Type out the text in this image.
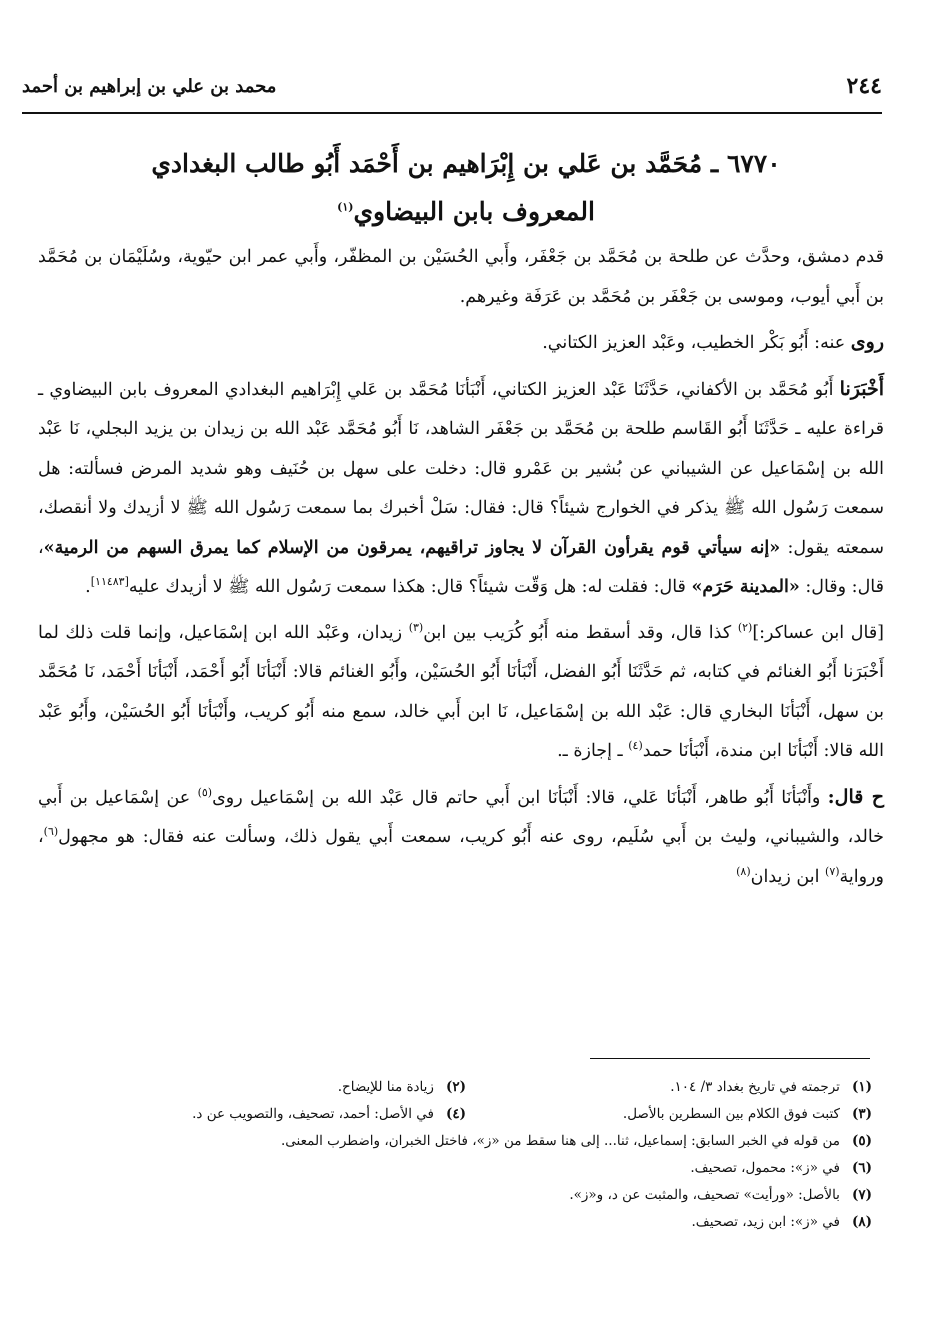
٢٤٤
محمد بن علي بن إبراهيم بن أحمد
٦٧٧٠ ـ مُحَمَّد بن عَلي بن إِبْرَاهيم بن أَحْمَد أَبُو طالب البغدادي
المعروف بابن البيضاوي$^{(١)}$

قدم دمشق، وحدَّث عن طلحة بن مُحَمَّد بن جَعْفَر، وأَبي الحُسَيْن بن المظفّر، وأَبي عمر ابن حيّوية، وسُلَيْمَان بن مُحَمَّد بن أَبي أيوب، وموسى بن جَعْفَر بن مُحَمَّد بن عَرَفَة وغيرهم.

روى عنه: أَبُو بَكْر الخطيب، وعَبْد العزيز الكتاني.

أَخْبَرَنا أَبُو مُحَمَّد بن الأكفاني، حَدَّثَنَا عَبْد العزيز الكتاني، أَنْبَأنَا مُحَمَّد بن عَلي إِبْرَاهيم البغدادي المعروف بابن البيضاوي ـ قراءة عليه ـ حَدَّثَنَا أَبُو القَاسم طلحة بن مُحَمَّد بن جَعْفَر الشاهد، نَا أَبُو مُحَمَّد عَبْد الله بن زيدان بن يزيد البجلي، نَا عَبْد الله بن إسْمَاعيل عن الشيباني عن بُشير بن عَمْرو قال: دخلت على سهل بن حُنَيف وهو شديد المرض فسألته: هل سمعت رَسُول الله ﷺ يذكر في الخوارج شيئاً؟ قال: فقال: سَلْ أخبرك بما سمعت رَسُول الله ﷺ لا أزيدك ولا أنقصك، سمعته يقول: «إنه سيأتي قوم يقرأون القرآن لا يجاوز تراقيهم، يمرقون من الإسلام كما يمرق السهم من الرمية»، قال: وقال: «المدينة حَرَم» قال: فقلت له: هل وَقّت شيئاً؟ قال: هكذا سمعت رَسُول الله ﷺ لا أزيدك عليه[١١٤٨٣].

[قال ابن عساكر:]$^{(٢)}$ كذا قال، وقد أسقط منه أَبُو كُرَيب بين ابن$^{(٣)}$ زيدان، وعَبْد الله ابن إسْمَاعيل، وإنما قلت ذلك لما أَخْبَرَنا أَبُو الغنائم في كتابه، ثم حَدَّثَنَا أَبُو الفضل، أَنْبَأنَا أَبُو الحُسَيْن، وأَبُو الغنائم قالا: أَنْبَأنَا أَبُو أَحْمَد، أَنْبَأنَا أَحْمَد، نَا مُحَمَّد بن سهل، أَنْبَأنَا البخاري قال: عَبْد الله بن إسْمَاعيل، نَا ابن أَبي خالد، سمع منه أَبُو كريب، وأَنْبَأنَا أَبُو الحُسَيْن، وأَبُو عَبْد الله قالا: أَنْبَأنَا ابن مندة، أَنْبَأنَا حمد$^{(٤)}$ ـ إجازة ـ.

ح قال: وأَنْبَأنَا أَبُو طاهر، أَنْبَأنَا عَلي، قالا: أَنْبَأنَا ابن أَبي حاتم قال عَبْد الله بن إسْمَاعيل روى$^{(٥)}$ عن إسْمَاعيل بن أَبي خالد، والشيباني، وليث بن أَبي سُلَيم، روى عنه أَبُو كريب، سمعت أَبي يقول ذلك، وسألت عنه فقال: هو مجهول$^{(٦)}$، ورواية$^{(٧)}$ ابن زيدان$^{(٨)}$

(١)
ترجمته في تاريخ بغداد ٣/ ١٠٤.
(٢)
زيادة منا للإيضاح.
(٣)
كتبت فوق الكلام بين السطرين بالأصل.
(٤)
في الأصل: أحمد، تصحيف، والتصويب عن د.
(٥)
من قوله في الخبر السابق: إسماعيل، ثنا... إلى هنا سقط من «ز»، فاختل الخبران، واضطرب المعنى.
(٦)
في «ز»: محمول، تصحيف.
(٧)
بالأصل: «ورأيت» تصحيف، والمثبت عن د، و«ز».
(٨)
في «ز»: ابن زيد، تصحيف.
